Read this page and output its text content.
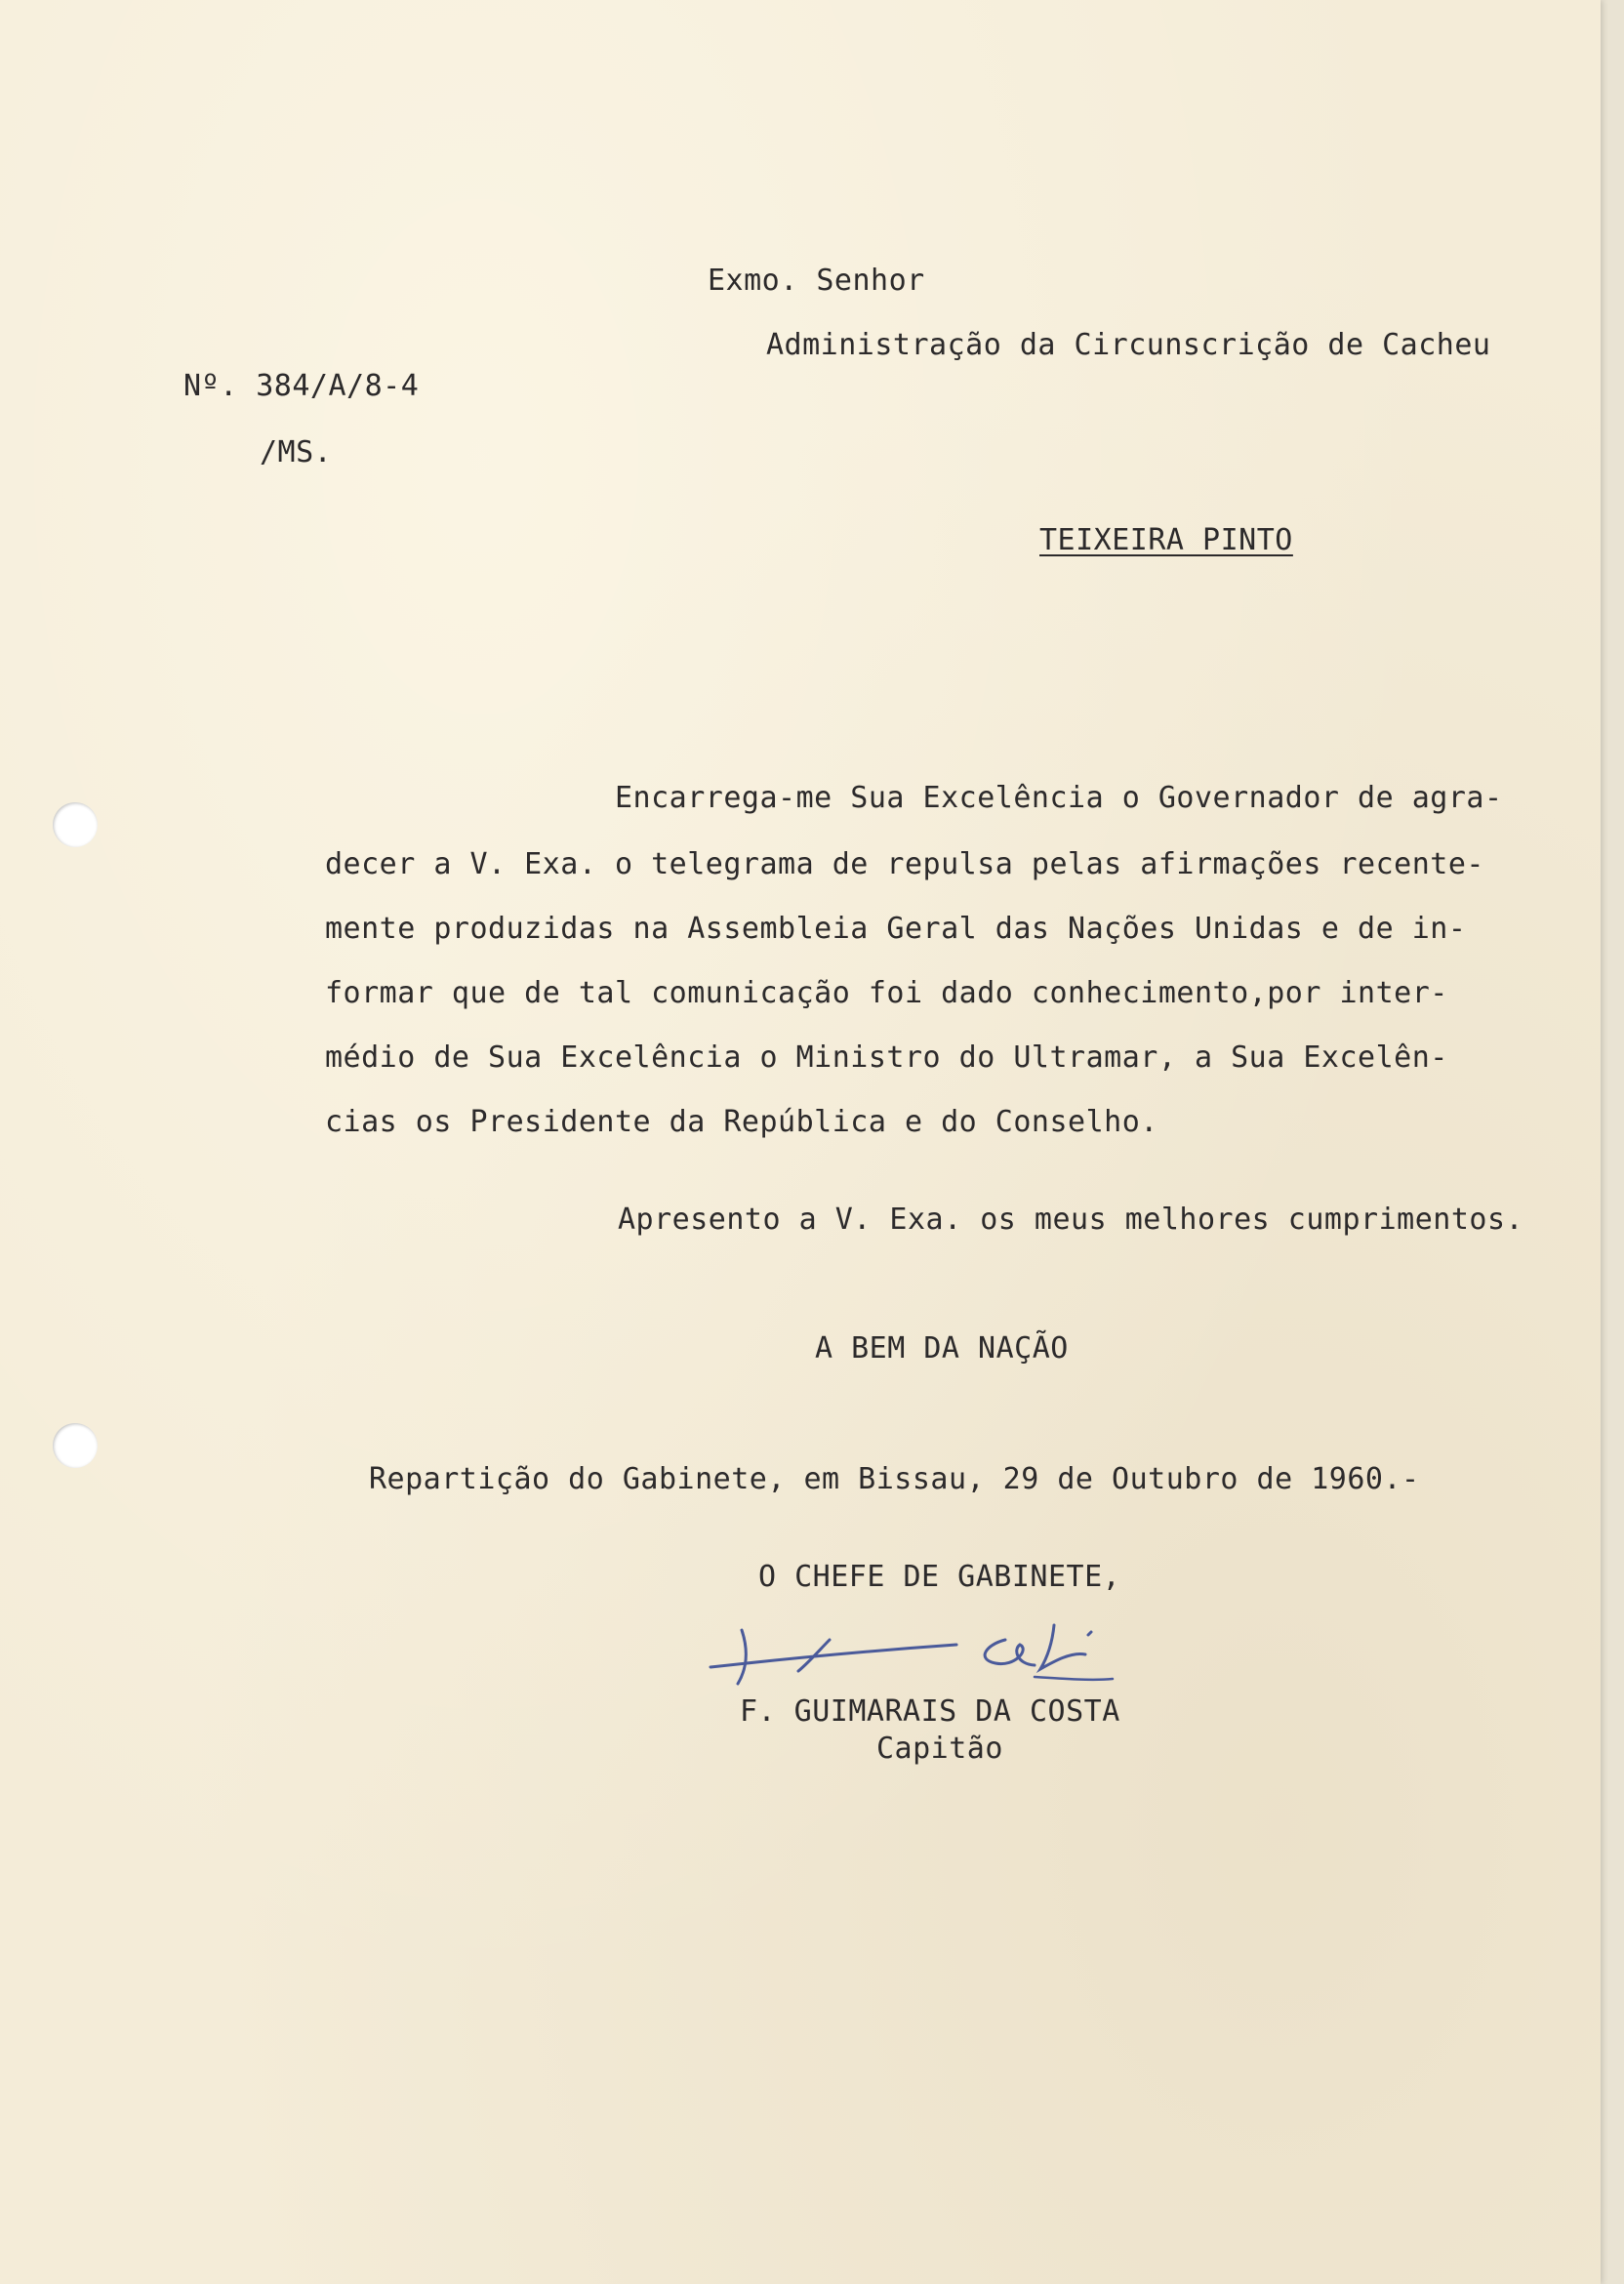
Exmo. Senhor
Administração da Circunscrição de Cacheu
Nº. 384/A/8-4
/MS.
TEIXEIRA PINTO
Encarrega-me Sua Excelência o Governador de agra-
decer a V. Exa. o telegrama de repulsa pelas afirmações recente-
mente produzidas na Assembleia Geral das Nações Unidas e de in-
formar que de tal comunicação foi dado conhecimento,por inter-
médio de Sua Excelência o Ministro do Ultramar, a Sua Excelên-
cias os Presidente da República e do Conselho.
Apresento a V. Exa. os meus melhores cumprimentos.
A BEM DA NAÇÃO
Repartição do Gabinete, em Bissau, 29 de Outubro de 1960.-
O CHEFE DE GABINETE,
F. GUIMARAIS DA COSTA
Capitão
